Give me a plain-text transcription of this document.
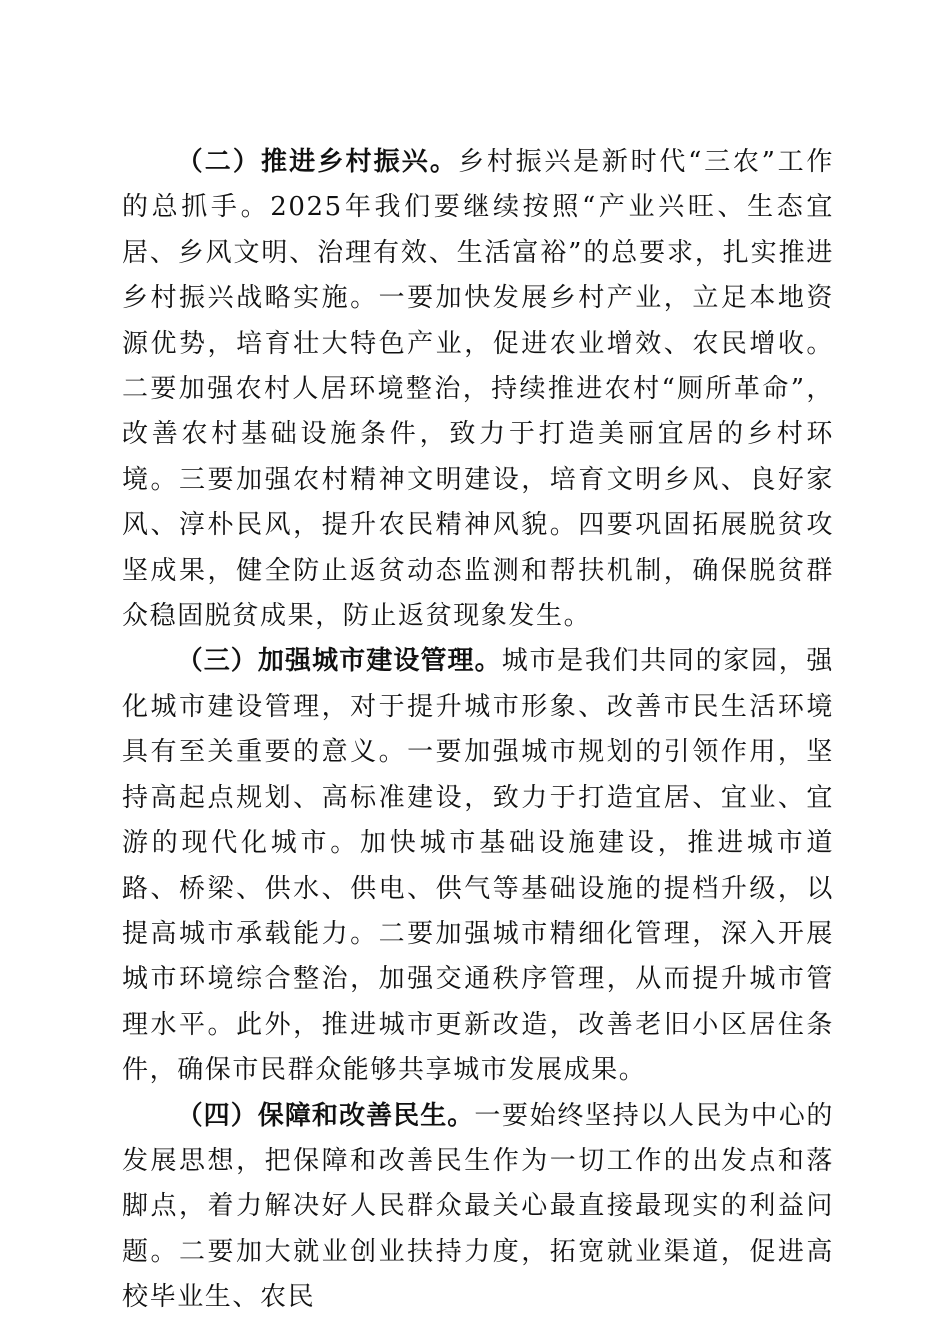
（二）推进乡村振兴。乡村振兴是新时代“三农”工作的总抓手。2025年我们要继续按照“产业兴旺、生态宜居、乡风文明、治理有效、生活富裕”的总要求，扎实推进乡村振兴战略实施。一要加快发展乡村产业，立足本地资源优势，培育壮大特色产业，促进农业增效、农民增收。二要加强农村人居环境整治，持续推进农村“厕所革命”，改善农村基础设施条件，致力于打造美丽宜居的乡村环境。三要加强农村精神文明建设，培育文明乡风、良好家风、淳朴民风，提升农民精神风貌。四要巩固拓展脱贫攻坚成果，健全防止返贫动态监测和帮扶机制，确保脱贫群众稳固脱贫成果，防止返贫现象发生。

（三）加强城市建设管理。城市是我们共同的家园，强化城市建设管理，对于提升城市形象、改善市民生活环境具有至关重要的意义。一要加强城市规划的引领作用，坚持高起点规划、高标准建设，致力于打造宜居、宜业、宜游的现代化城市。加快城市基础设施建设，推进城市道路、桥梁、供水、供电、供气等基础设施的提档升级，以提高城市承载能力。二要加强城市精细化管理，深入开展城市环境综合整治，加强交通秩序管理，从而提升城市管理水平。此外，推进城市更新改造，改善老旧小区居住条件，确保市民群众能够共享城市发展成果。

（四）保障和改善民生。一要始终坚持以人民为中心的发展思想，把保障和改善民生作为一切工作的出发点和落脚点，着力解决好人民群众最关心最直接最现实的利益问题。二要加大就业创业扶持力度，拓宽就业渠道，促进高校毕业生、农民
